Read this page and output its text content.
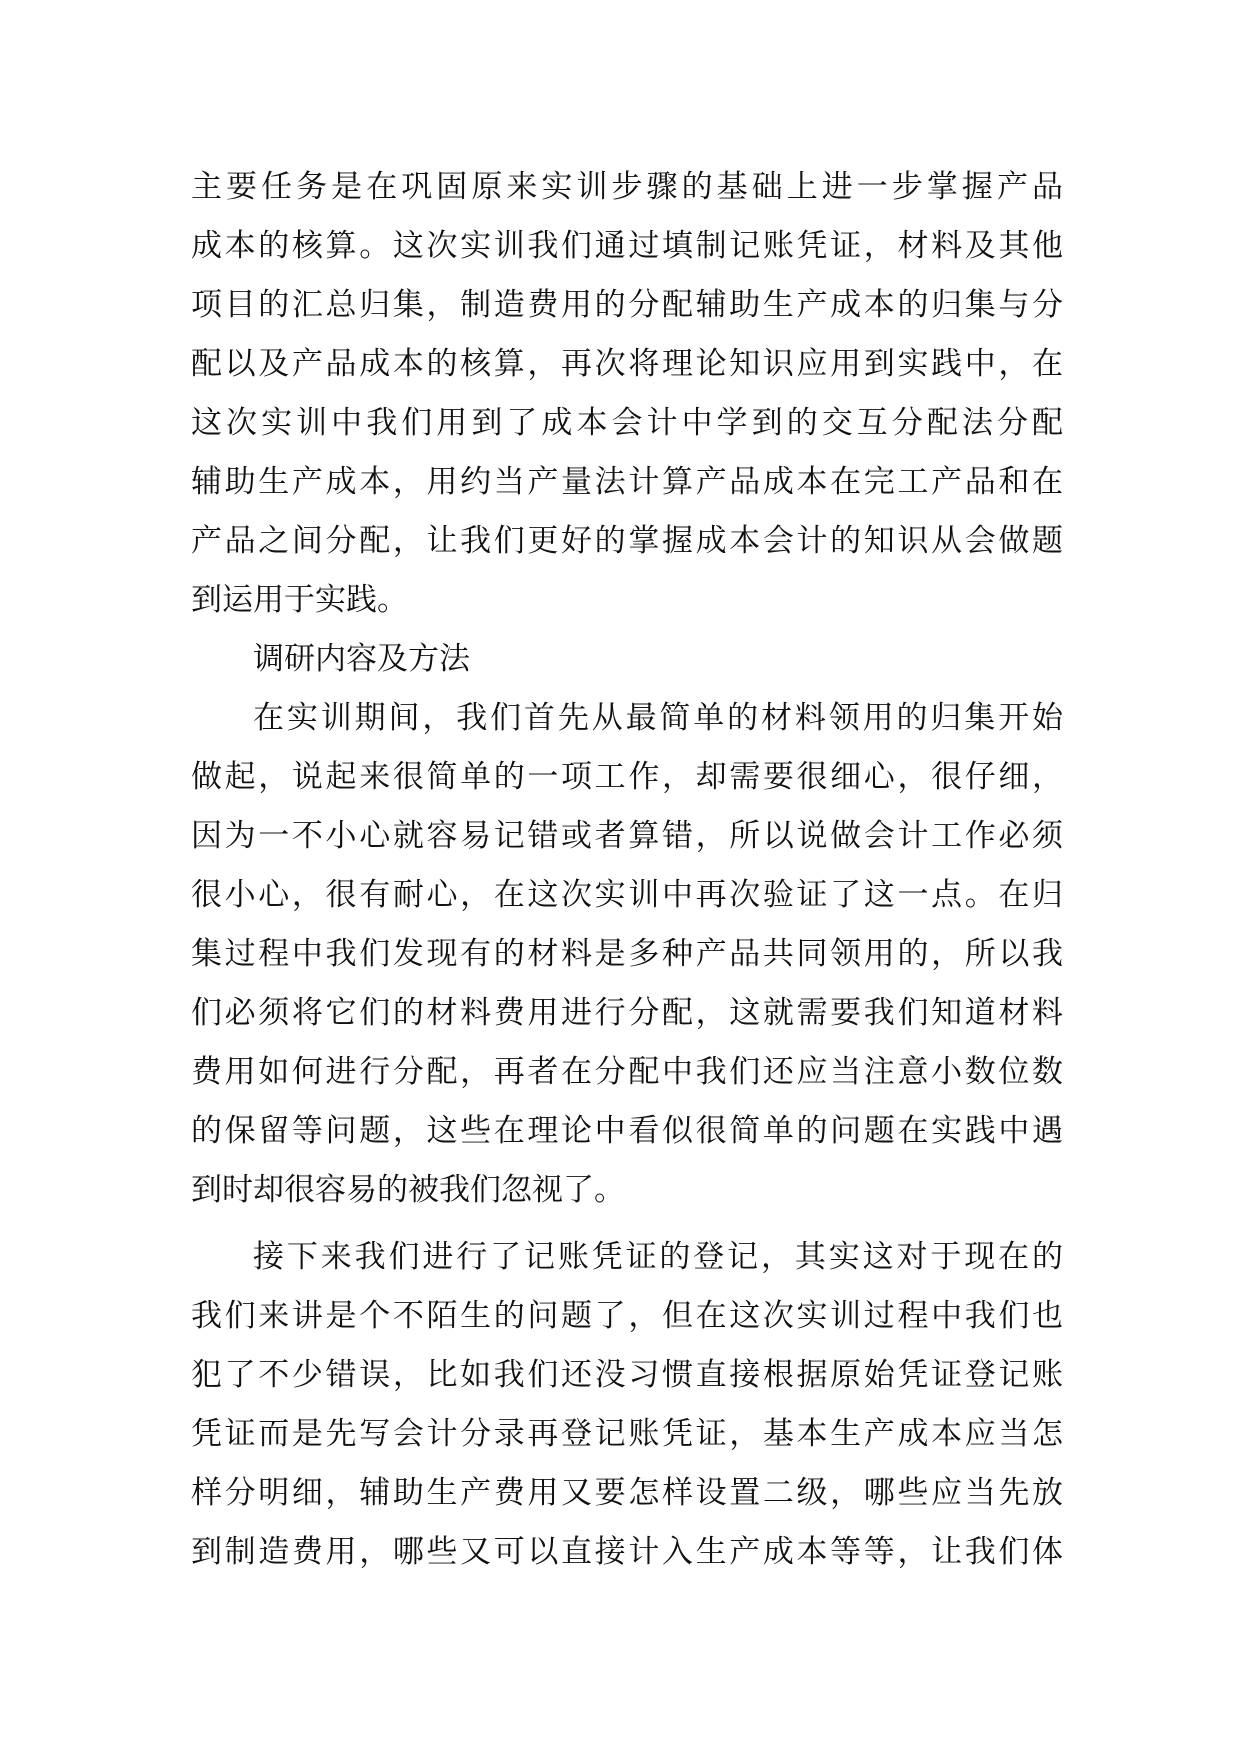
主要任务是在巩固原来实训步骤的基础上进一步掌握产品
成本的核算。这次实训我们通过填制记账凭证，材料及其他
项目的汇总归集，制造费用的分配辅助生产成本的归集与分
配以及产品成本的核算，再次将理论知识应用到实践中，在
这次实训中我们用到了成本会计中学到的交互分配法分配
辅助生产成本，用约当产量法计算产品成本在完工产品和在
产品之间分配，让我们更好的掌握成本会计的知识从会做题
到运用于实践。
调研内容及方法
在实训期间，我们首先从最简单的材料领用的归集开始
做起，说起来很简单的一项工作，却需要很细心，很仔细，
因为一不小心就容易记错或者算错，所以说做会计工作必须
很小心，很有耐心，在这次实训中再次验证了这一点。在归
集过程中我们发现有的材料是多种产品共同领用的，所以我
们必须将它们的材料费用进行分配，这就需要我们知道材料
费用如何进行分配，再者在分配中我们还应当注意小数位数
的保留等问题，这些在理论中看似很简单的问题在实践中遇
到时却很容易的被我们忽视了。
接下来我们进行了记账凭证的登记，其实这对于现在的
我们来讲是个不陌生的问题了，但在这次实训过程中我们也
犯了不少错误，比如我们还没习惯直接根据原始凭证登记账
凭证而是先写会计分录再登记账凭证，基本生产成本应当怎
样分明细，辅助生产费用又要怎样设置二级，哪些应当先放
到制造费用，哪些又可以直接计入生产成本等等，让我们体
